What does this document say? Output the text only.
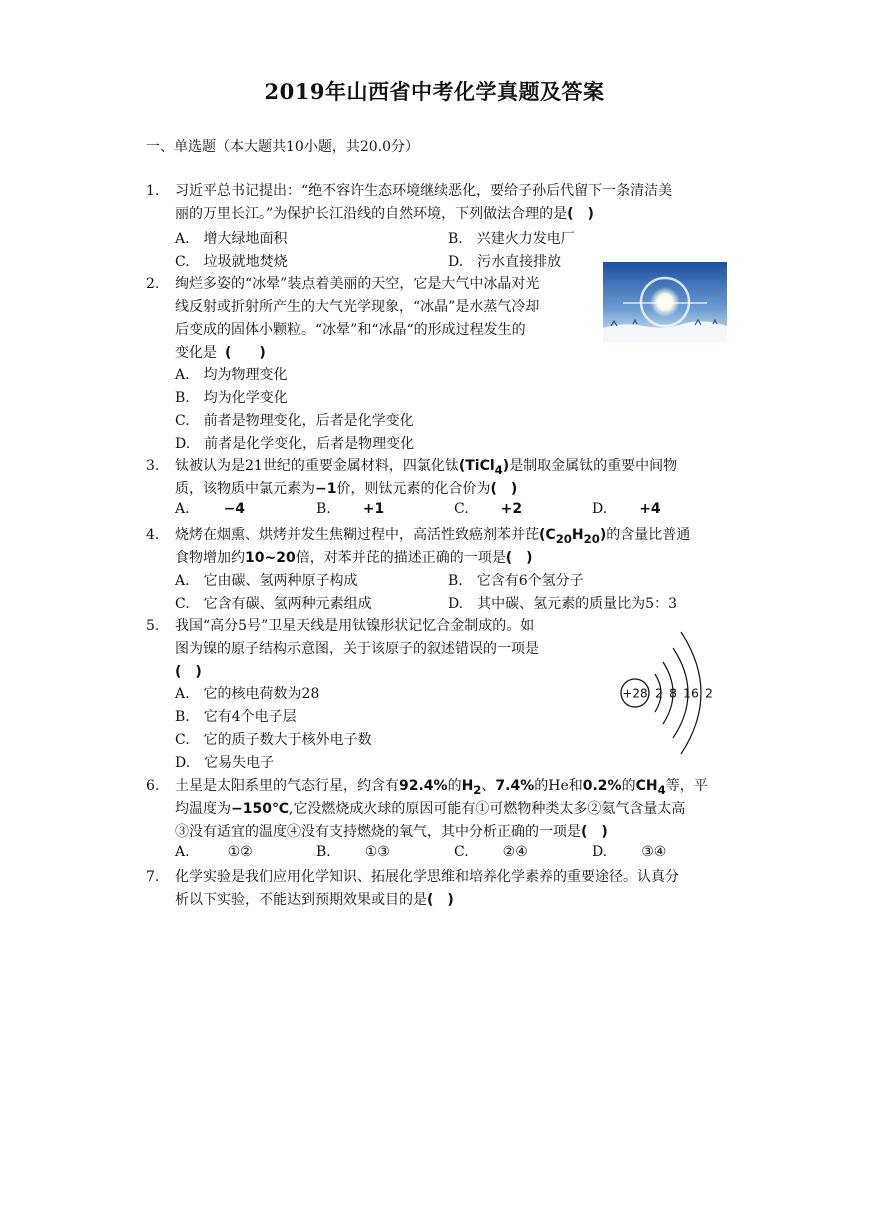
2019年山西省中考化学真题及答案
一、单选题（本大题共10小题，共20.0分）
1.	习近平总书记提出：“绝不容许生态环境继续恶化，要给子孙后代留下一条清洁美
丽的万里长江。”为保护长江沿线的自然环境，下列做法合理的是(　)
A.　增大绿地面积	B.　兴建火力发电厂
C.　垃圾就地焚烧	D.　污水直接排放
2.	绚烂多姿的“冰晕”装点着美丽的天空，它是大气中冰晶对光
线反射或折射所产生的大气光学现象，“冰晶”是水蒸气冷却
后变成的固体小颗粒。“冰晕”和“冰晶“的形成过程发生的
变化是 (　　)
A.　均为物理变化
B.　均为化学变化
C.　前者是物理变化，后者是化学变化
D.　前者是化学变化，后者是物理变化
3.	钛被认为是21世纪的重要金属材料，四氯化钛(TiCl$_4$)是制取金属钛的重要中间物
质，该物质中氯元素为−1价，则钛元素的化合价为(　)
A. −4	B. +1	C. +2	D. +4
4.	烧烤在烟熏、烘烤并发生焦糊过程中，高活性致癌剂苯并芘$(C_{20}H_{20})$的含量比普通
食物增加约10~20倍，对苯并芘的描述正确的一项是(　)
A.　它由碳、氢两种原子构成	B.　它含有6个氢分子
C.　它含有碳、氢两种元素组成	D.　其中碳、氢元素的质量比为5：3
5.	我国“高分5号”卫星天线是用钛镍形状记忆合金制成的。如
图为镍的原子结构示意图，关于该原子的叙述错误的一项是
(　)
A.　它的核电荷数为28
B.　它有4个电子层
C.　它的质子数大于核外电子数
D.　它易失电子
+28 2 8 16 2
6.	土星是太阳系里的气态行星，约含有92.4%的$H_2$、7.4%的He和0.2%的$CH_4$等，平
均温度为−150℃,它没燃烧成火球的原因可能有①可燃物种类太多②氦气含量太高
③没有适宜的温度④没有支持燃烧的氧气，其中分析正确的一项是(　)
A.	①②	B. ①③	C. ②④	D. ③④
7.	化学实验是我们应用化学知识、拓展化学思维和培养化学素养的重要途径。认真分
析以下实验，不能达到预期效果或目的是(　)
